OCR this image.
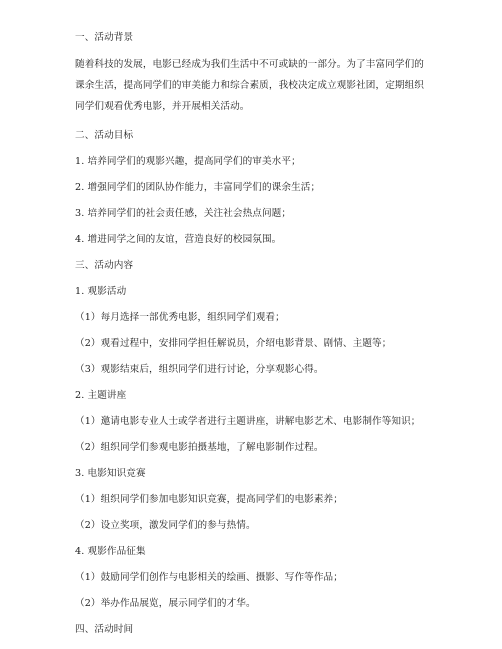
一、活动背景
随着科技的发展，电影已经成为我们生活中不可或缺的一部分。为了丰富同学们的
课余生活，提高同学们的审美能力和综合素质，我校决定成立观影社团，定期组织
同学们观看优秀电影，并开展相关活动。
二、活动目标
1. 培养同学们的观影兴趣，提高同学们的审美水平；
2. 增强同学们的团队协作能力，丰富同学们的课余生活；
3. 培养同学们的社会责任感，关注社会热点问题；
4. 增进同学之间的友谊，营造良好的校园氛围。
三、活动内容
1. 观影活动
（1）每月选择一部优秀电影，组织同学们观看；
（2）观看过程中，安排同学担任解说员，介绍电影背景、剧情、主题等；
（3）观影结束后，组织同学们进行讨论，分享观影心得。
2. 主题讲座
（1）邀请电影专业人士或学者进行主题讲座，讲解电影艺术、电影制作等知识；
（2）组织同学们参观电影拍摄基地，了解电影制作过程。
3. 电影知识竞赛
（1）组织同学们参加电影知识竞赛，提高同学们的电影素养；
（2）设立奖项，激发同学们的参与热情。
4. 观影作品征集
（1）鼓励同学们创作与电影相关的绘画、摄影、写作等作品；
（2）举办作品展览，展示同学们的才华。
四、活动时间
